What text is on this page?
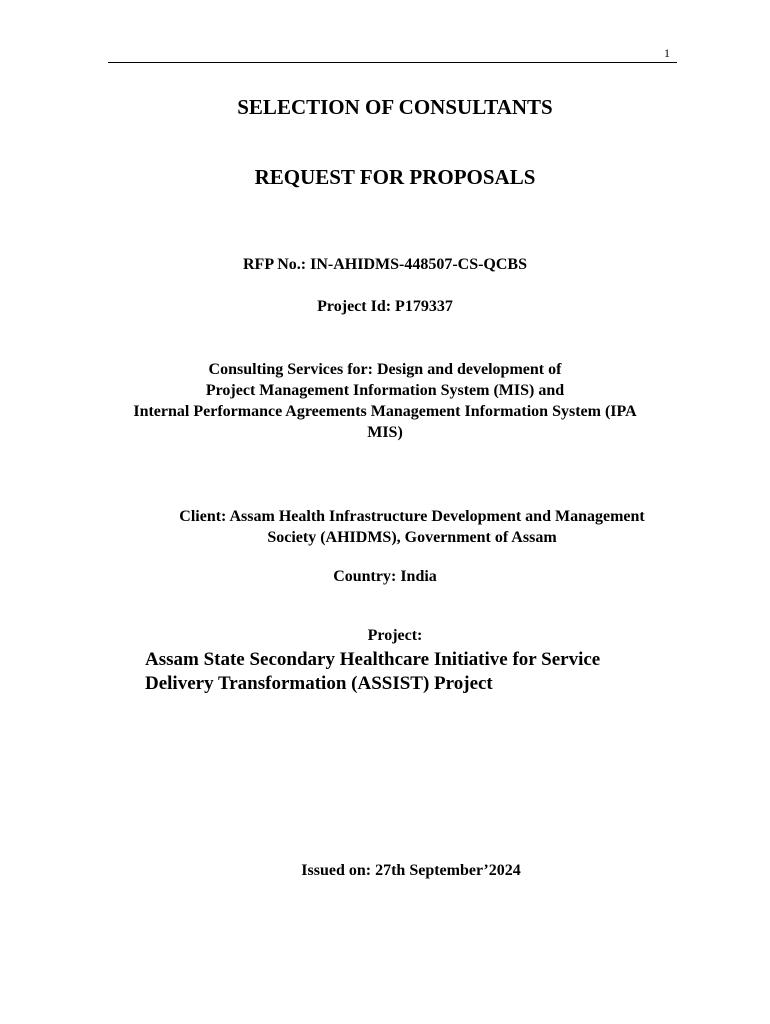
1
SELECTION OF CONSULTANTS
REQUEST FOR PROPOSALS

RFP No.: IN-AHIDMS-448507-CS-QCBS

Project Id: P179337

Consulting Services for: Design and development of
Project Management Information System (MIS) and
Internal Performance Agreements Management Information System (IPA
MIS)
Client: Assam Health Infrastructure Development and Management
Society (AHIDMS), Government of Assam

Country: India

Project:

Assam State Secondary Healthcare Initiative for Service
Delivery Transformation (ASSIST) Project

Issued on: 27th September’2024
